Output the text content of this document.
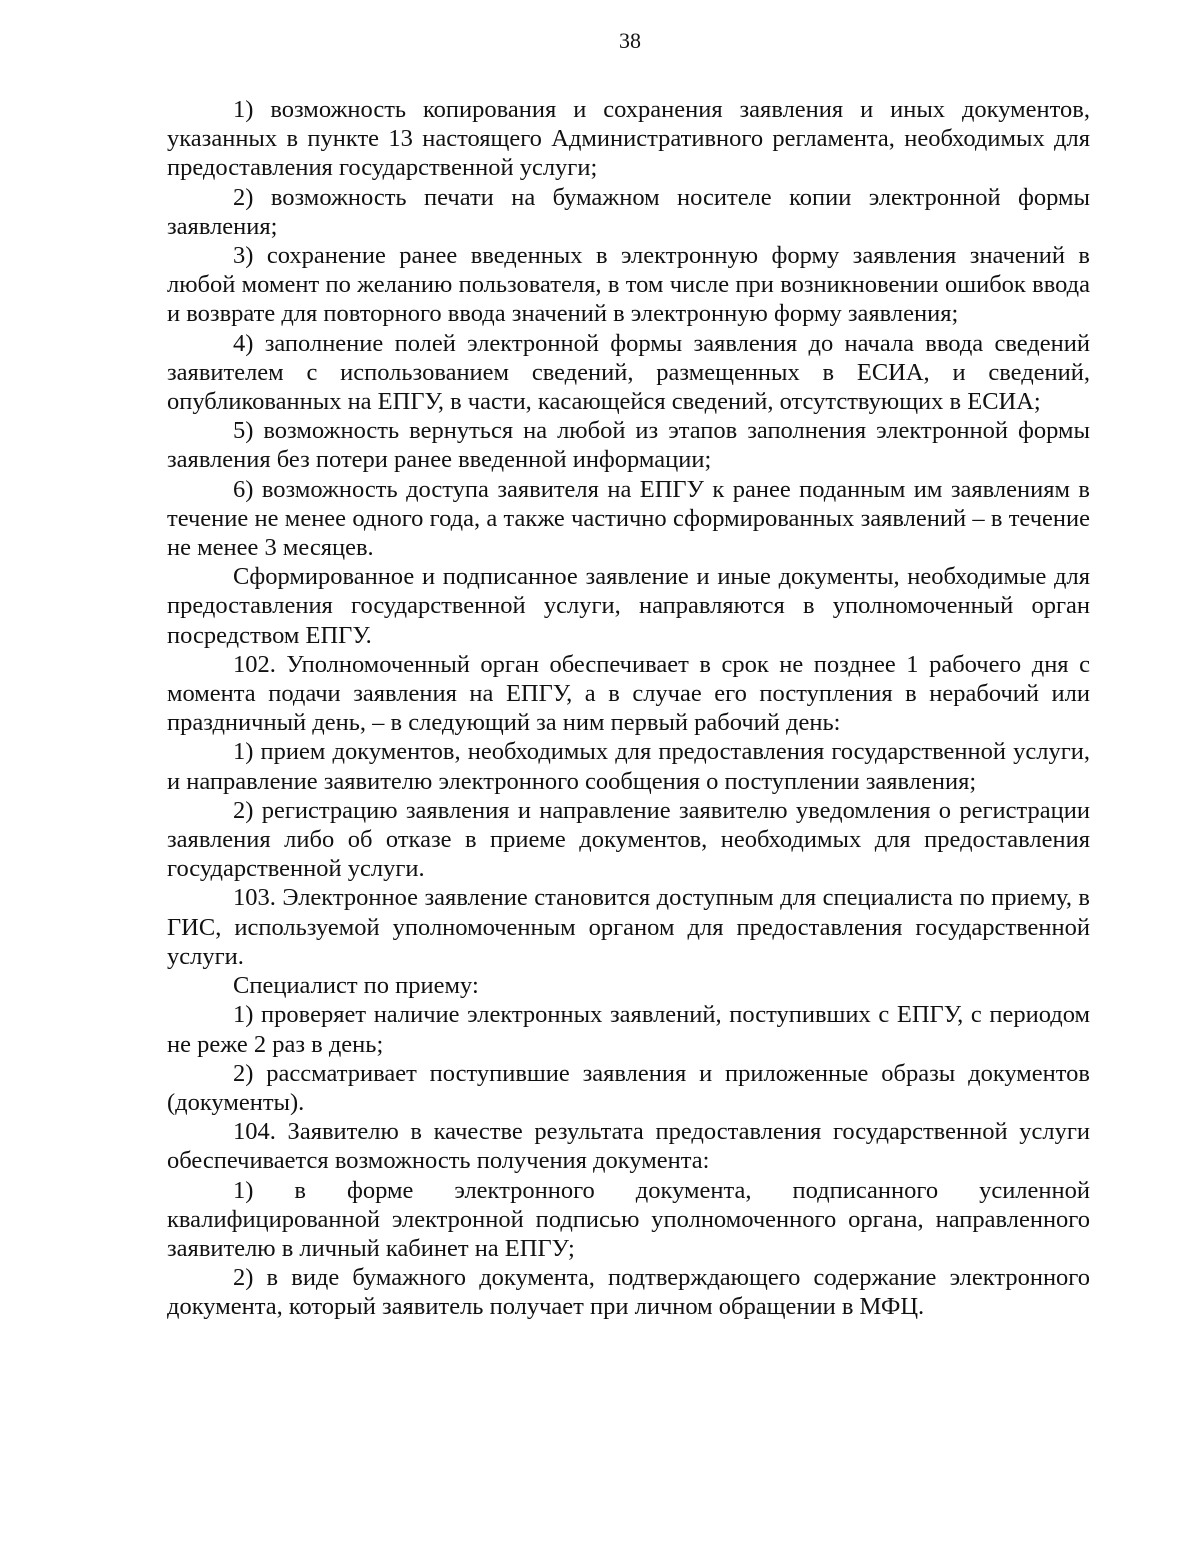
38

1) возможность копирования и сохранения заявления и иных документов, указанных в пункте 13 настоящего Административного регламента, необходимых для предоставления государственной услуги;

2) возможность печати на бумажном носителе копии электронной формы заявления;

3) сохранение ранее введенных в электронную форму заявления значений в любой момент по желанию пользователя, в том числе при возникновении ошибок ввода и возврате для повторного ввода значений в электронную форму заявления;

4) заполнение полей электронной формы заявления до начала ввода сведений заявителем с использованием сведений, размещенных в ЕСИА, и сведений, опубликованных на ЕПГУ, в части, касающейся сведений, отсутствующих в ЕСИА;

5) возможность вернуться на любой из этапов заполнения электронной формы заявления без потери ранее введенной информации;

6) возможность доступа заявителя на ЕПГУ к ранее поданным им заявлениям в течение не менее одного года, а также частично сформированных заявлений – в течение не менее 3 месяцев.

Сформированное и подписанное заявление и иные документы, необходимые для предоставления государственной услуги, направляются в уполномоченный орган посредством ЕПГУ.

102. Уполномоченный орган обеспечивает в срок не позднее 1 рабочего дня с момента подачи заявления на ЕПГУ, а в случае его поступления в нерабочий или праздничный день, – в следующий за ним первый рабочий день:

1) прием документов, необходимых для предоставления государственной услуги, и направление заявителю электронного сообщения о поступлении заявления;

2) регистрацию заявления и направление заявителю уведомления о регистрации заявления либо об отказе в приеме документов, необходимых для предоставления государственной услуги.

103. Электронное заявление становится доступным для специалиста по приему, в ГИС, используемой уполномоченным органом для предоставления государственной услуги.

Специалист по приему:

1) проверяет наличие электронных заявлений, поступивших с ЕПГУ, с периодом не реже 2 раз в день;

2) рассматривает поступившие заявления и приложенные образы документов (документы).

104. Заявителю в качестве результата предоставления государственной услуги обеспечивается возможность получения документа:

1) в форме электронного документа, подписанного усиленной квалифицированной электронной подписью уполномоченного органа, направленного заявителю в личный кабинет на ЕПГУ;

2) в виде бумажного документа, подтверждающего содержание электронного документа, который заявитель получает при личном обращении в МФЦ.
